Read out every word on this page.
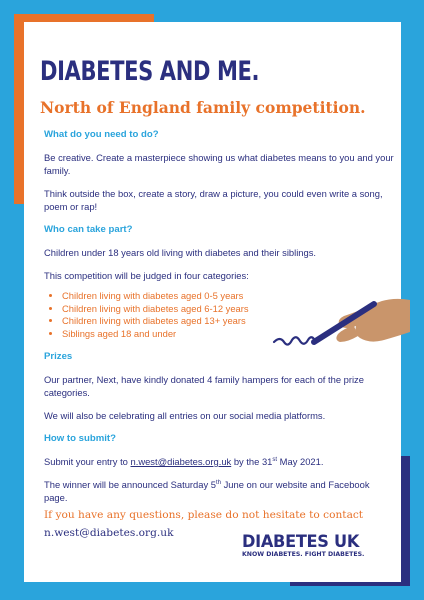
DIABETES AND ME.
North of England family competition.
What do you need to do?

Be creative. Create a masterpiece showing us what diabetes means to you and your family.

Think outside the box, create a story, draw a picture, you could even write a song, poem or rap!

Who can take part?

Children under 18 years old living with diabetes and their siblings.

This competition will be judged in four categories:

• Children living with diabetes aged 0-5 years
• Children living with diabetes aged 6-12 years
• Children living with diabetes aged 13+ years
• Siblings aged 18 and under
Prizes

Our partner, Next, have kindly donated 4 family hampers for each of the prize categories.

We will also be celebrating all entries on our social media platforms.

How to submit?

Submit your entry to n.west@diabetes.org.uk by the 31st May 2021.

The winner will be announced Saturday 5th June on our website and Facebook page.

If you have any questions, please do not hesitate to contact

n.west@diabetes.org.uk	DIABETES UK
KNOW DIABETES. FIGHT DIABETES.
